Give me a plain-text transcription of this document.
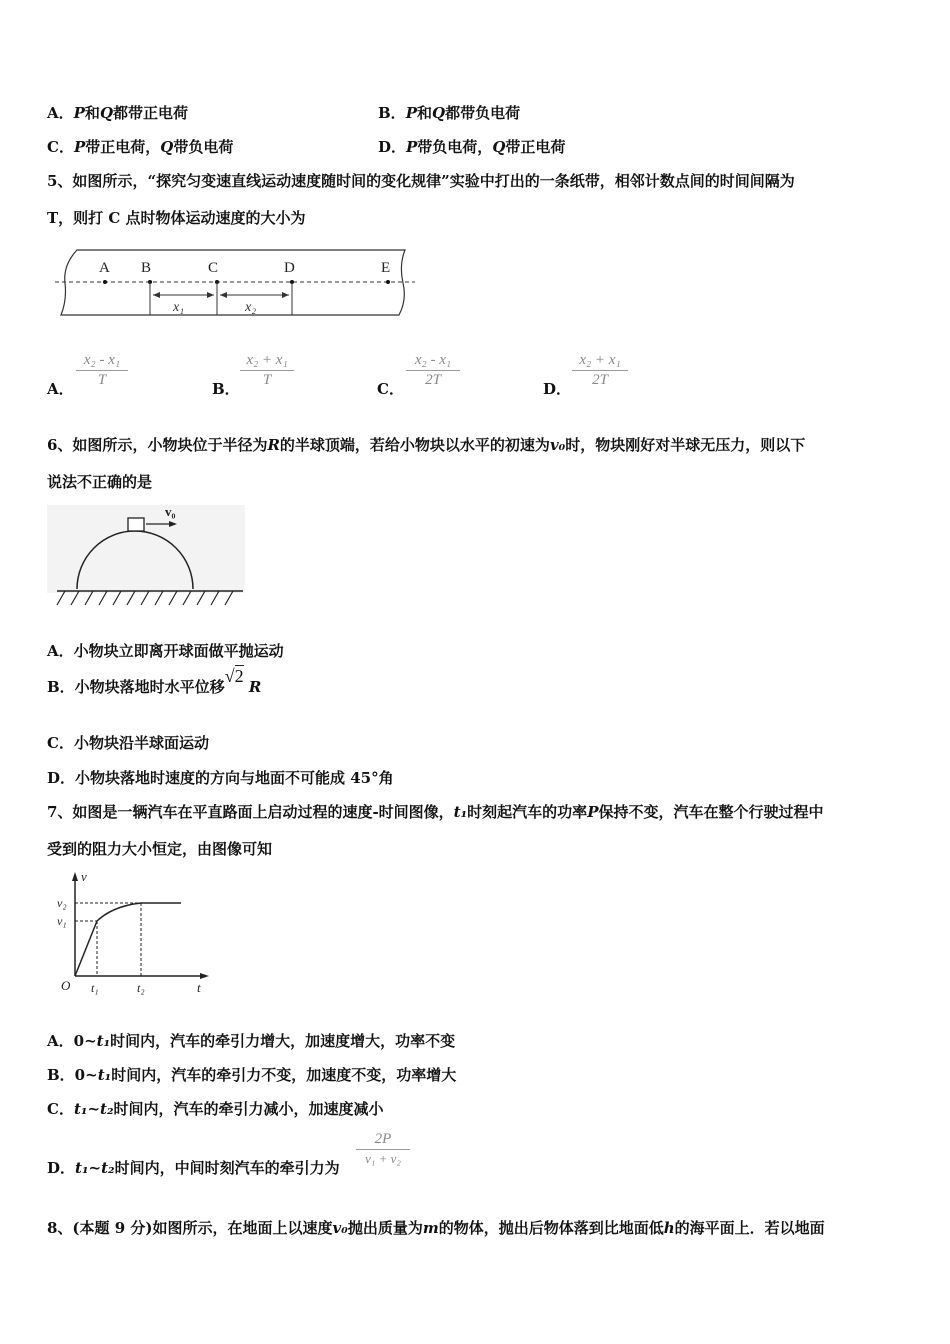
A．P和Q都带正电荷	B．P和Q都带负电荷
C．P带正电荷，Q带负电荷	D．P带负电荷，Q带正电荷
5、如图所示，“探究匀变速直线运动速度随时间的变化规律”实验中打出的一条纸带，相邻计数点间的时间间隔为
T，则打 C 点时物体运动速度的大小为
A B	C	D	E
x₁	x₂
A．
x₂ - x₁
T	B．
x₂ + x₁
T	C．
x₂ - x₁
2T	D．
x₂ + x₁
2T
6、如图所示，小物块位于半径为R的半球顶端，若给小物块以水平的初速为v₀时，物块刚好对半球无压力，则以下
说法不正确的是
v₀
A．小物块立即离开球面做平抛运动
B．小物块落地时水平位移√2 R
C．小物块沿半球面运动
D．小物块落地时速度的方向与地面不可能成 45°角
7、如图是一辆汽车在平直路面上启动过程的速度-时间图像，t₁时刻起汽车的功率P保持不变，汽车在整个行驶过程中
受到的阻力大小恒定，由图像可知
v
v₂
v₁
O t₁	t₂	t
A．0~t₁时间内，汽车的牵引力增大，加速度增大，功率不变
B．0~t₁时间内，汽车的牵引力不变，加速度不变，功率增大
C．t₁~t₂时间内，汽车的牵引力减小，加速度减小
D．t₁~t₂时间内，中间时刻汽车的牵引力为
2P
v₁ + v₂
8、(本题 9 分)如图所示，在地面上以速度v₀抛出质量为m的物体，抛出后物体落到比地面低h的海平面上．若以地面
